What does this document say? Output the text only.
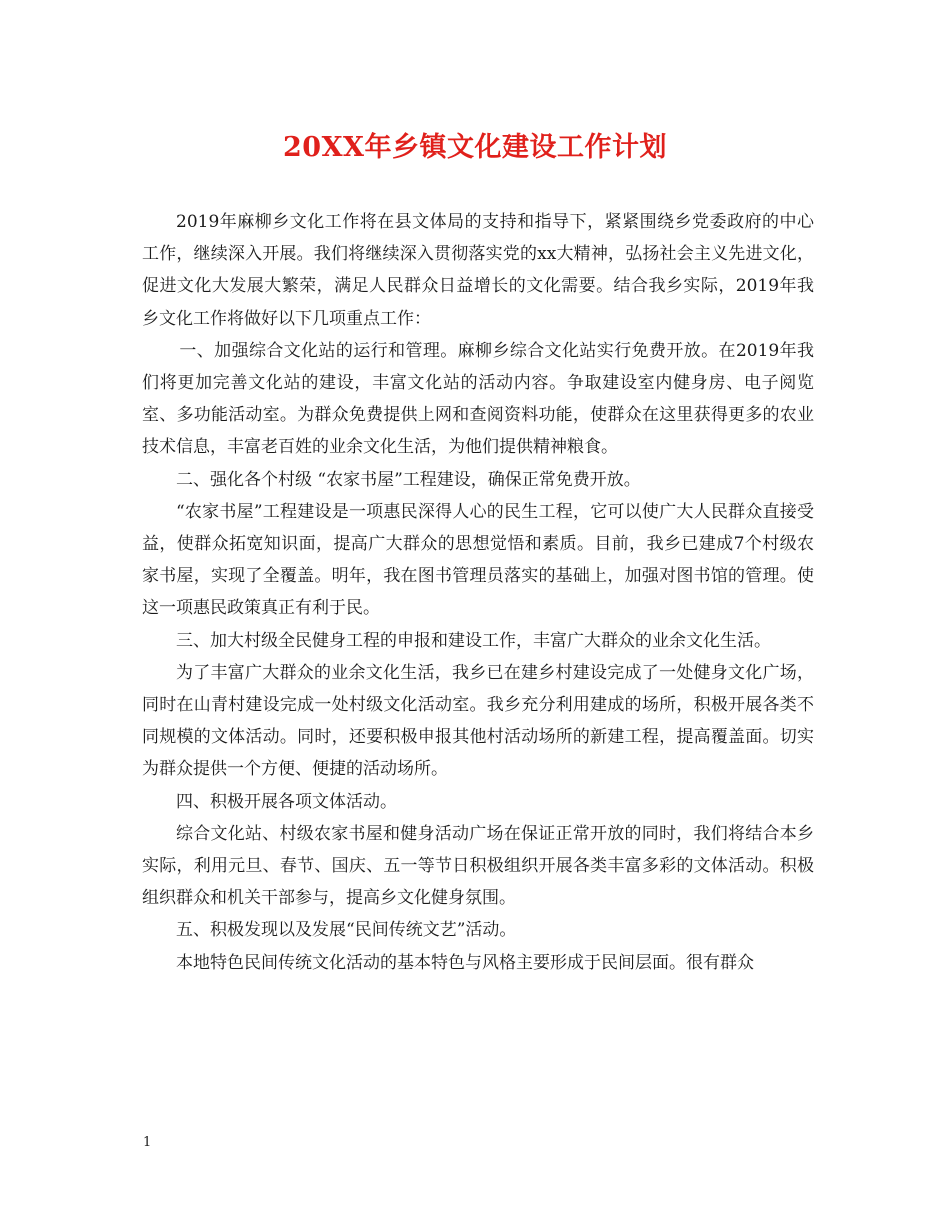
20XX年乡镇文化建设工作计划

2019年麻柳乡文化工作将在县文体局的支持和指导下，紧紧围绕乡党委政府的中心工作，继续深入开展。我们将继续深入贯彻落实党的xx大精神，弘扬社会主义先进文化，促进文化大发展大繁荣，满足人民群众日益增长的文化需要。结合我乡实际，2019年我乡文化工作将做好以下几项重点工作：

一、加强综合文化站的运行和管理。麻柳乡综合文化站实行免费开放。在2019年我们将更加完善文化站的建设，丰富文化站的活动内容。争取建设室内健身房、电子阅览室、多功能活动室。为群众免费提供上网和查阅资料功能，使群众在这里获得更多的农业技术信息，丰富老百姓的业余文化生活，为他们提供精神粮食。

二、强化各个村级 “农家书屋”工程建设，确保正常免费开放。

“农家书屋”工程建设是一项惠民深得人心的民生工程，它可以使广大人民群众直接受益，使群众拓宽知识面，提高广大群众的思想觉悟和素质。目前，我乡已建成7个村级农家书屋，实现了全覆盖。明年，我在图书管理员落实的基础上，加强对图书馆的管理。使这一项惠民政策真正有利于民。

三、加大村级全民健身工程的申报和建设工作，丰富广大群众的业余文化生活。

为了丰富广大群众的业余文化生活，我乡已在建乡村建设完成了一处健身文化广场，同时在山青村建设完成一处村级文化活动室。我乡充分利用建成的场所，积极开展各类不同规模的文体活动。同时，还要积极申报其他村活动场所的新建工程，提高覆盖面。切实为群众提供一个方便、便捷的活动场所。

四、积极开展各项文体活动。

综合文化站、村级农家书屋和健身活动广场在保证正常开放的同时，我们将结合本乡实际，利用元旦、春节、国庆、五一等节日积极组织开展各类丰富多彩的文体活动。积极组织群众和机关干部参与，提高乡文化健身氛围。

五、积极发现以及发展“民间传统文艺”活动。

本地特色民间传统文化活动的基本特色与风格主要形成于民间层面。很有群众

1
